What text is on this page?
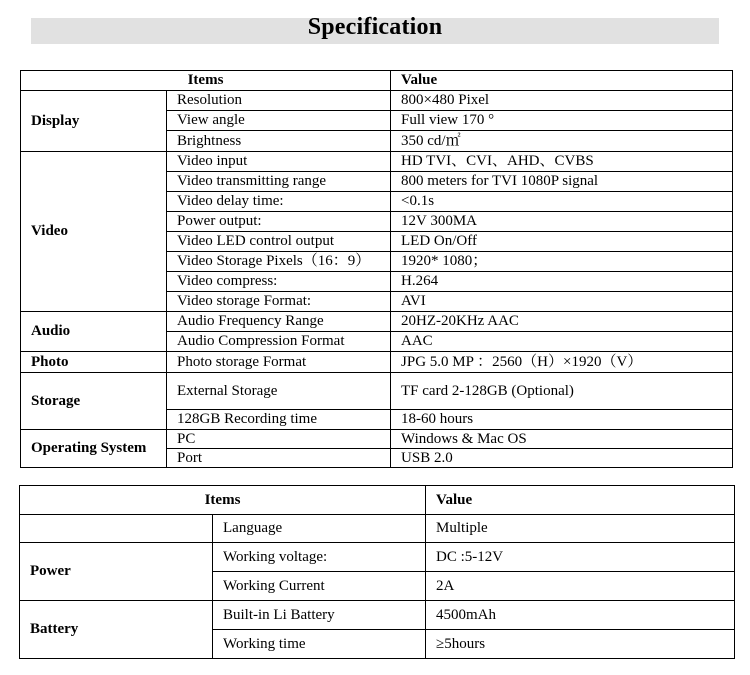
Specification
Items		Value
Display	Resolution	800×480 Pixel
	View angle	Full view 170 °
	Brightness	350 cd/㎡
Video	Video input	HD TVI、CVI、AHD、CVBS
	Video transmitting range	800 meters for TVI 1080P signal
	Video delay time:	<0.1s
	Power output:	12V 300MA
	Video LED control output	LED On/Off
	Video Storage Pixels（16：9）	1920* 1080；
	Video compress:	H.264
	Video storage Format:	AVI
Audio	Audio Frequency Range	20HZ-20KHz AAC
	Audio Compression Format	AAC
Photo	Photo storage Format	JPG 5.0 MP ：2560（H）×1920（V）
Storage	External Storage	TF card 2-128GB (Optional)
	128GB Recording time	18-60 hours
Operating System	PC	Windows & Mac OS
	Port	USB 2.0
Items		Value
	Language	Multiple
Power	Working voltage:	DC :5-12V
	Working Current	2A
Battery	Built-in Li Battery	4500mAh
	Working time	≥5hours
